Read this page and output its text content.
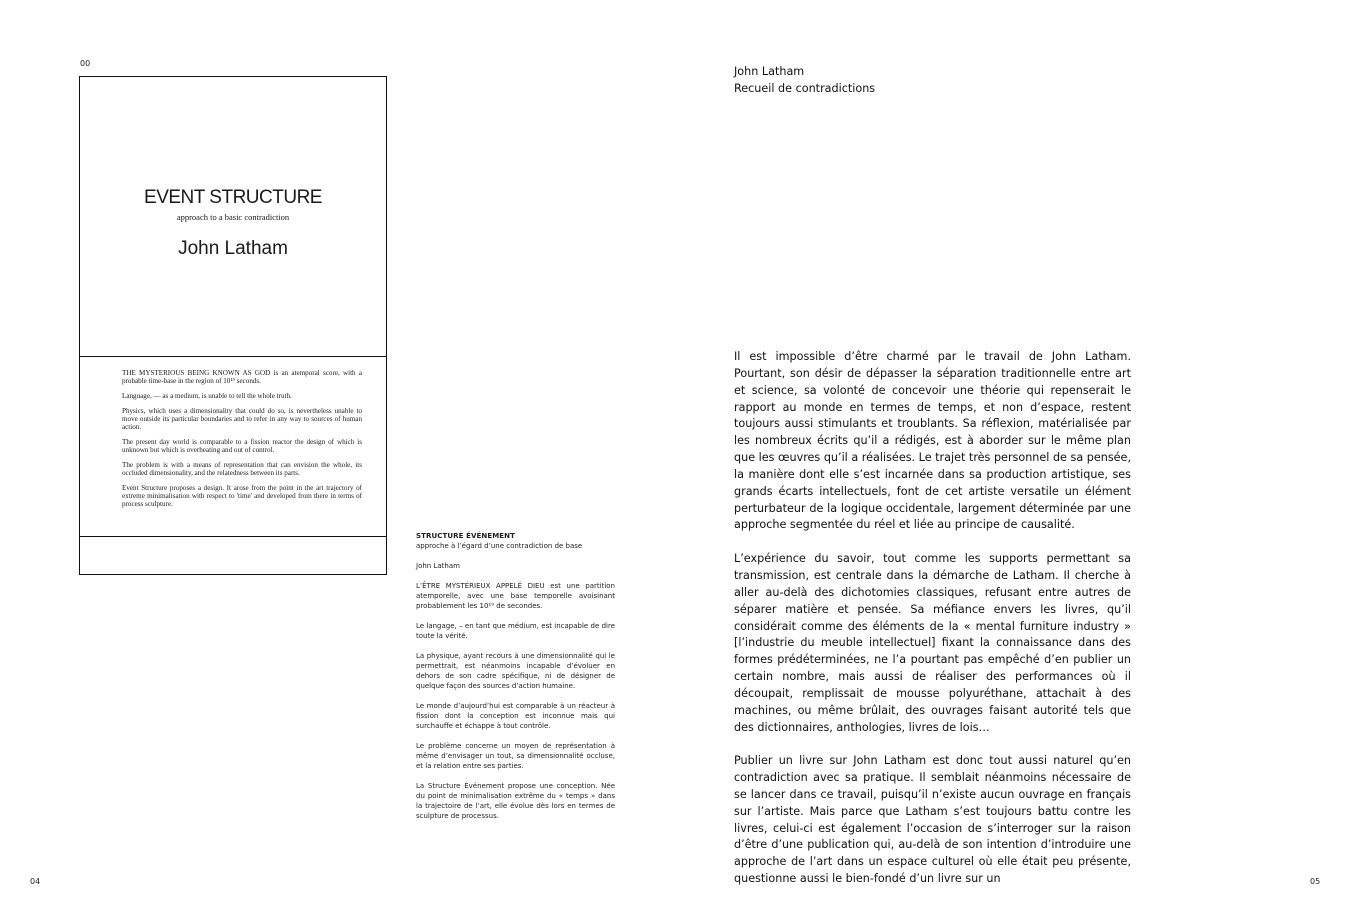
00
04	05
EVENT STRUCTURE
approach to a basic contradiction
John Latham

THE MYSTERIOUS BEING KNOWN AS GOD is an atemporal score, with a probable time-base in the region of 10¹⁹ seconds.

Language, — as a medium, is unable to tell the whole truth.

Physics, which uses a dimensionality that could do so, is nevertheless unable to move outside its particular boundaries and to refer in any way to sources of human action.

The present day world is comparable to a fission reactor the design of which is unknown but which is overheating and out of control.

The problem is with a means of representation that can envision the whole, its occluded dimensionality, and the relatedness between its parts.

Event Structure proposes a design. It arose from the point in the art trajectory of extreme minimalisation with respect to 'time' and developed from there in terms of process sculpture.

STRUCTURE ÉVÉNEMENT
approche à l’égard d’une contradiction de base

John Latham

L’ÊTRE MYSTÉRIEUX APPELÉ DIEU est une partition atemporelle, avec une base temporelle avoisinant probablement les 10¹⁹ de secondes.

Le langage, – en tant que médium, est incapable de dire toute la vérité.

La physique, ayant recours à une dimensionnalité qui le permettrait, est néanmoins incapable d’évoluer en dehors de son cadre spécifique, ni de désigner de quelque façon des sources d’action humaine.

Le monde d’aujourd’hui est comparable à un réacteur à fission dont la conception est inconnue mais qui surchauffe et échappe à tout contrôle.

Le problème concerne un moyen de représentation à même d’envisager un tout, sa dimensionnalité occluse, et la relation entre ses parties.

La Structure Événement propose une conception. Née du point de minimalisation extrême du « temps » dans la trajectoire de l’art, elle évolue dès lors en termes de sculpture de processus.

John Latham
Recueil de contradictions

Il est impossible d’être charmé par le travail de John Latham. Pourtant, son désir de dépasser la séparation traditionnelle entre art et science, sa volonté de concevoir une théorie qui repenserait le rapport au monde en termes de temps, et non d’espace, restent toujours aussi stimulants et troublants. Sa réflexion, matérialisée par les nombreux écrits qu’il a rédigés, est à aborder sur le même plan que les œuvres qu’il a réalisées. Le trajet très personnel de sa pensée, la manière dont elle s’est incarnée dans sa production artistique, ses grands écarts intellectuels, font de cet artiste versatile un élément perturbateur de la logique occidentale, largement déterminée par une approche segmentée du réel et liée au principe de causalité.

L’expérience du savoir, tout comme les supports permettant sa transmission, est centrale dans la démarche de Latham. Il cherche à aller au-delà des dichotomies classiques, refusant entre autres de séparer matière et pensée. Sa méfiance envers les livres, qu’il considérait comme des éléments de la « mental furniture industry » [l’industrie du meuble intellectuel] fixant la connaissance dans des formes prédéterminées, ne l’a pourtant pas empêché d’en publier un certain nombre, mais aussi de réaliser des performances où il découpait, remplissait de mousse polyuréthane, attachait à des machines, ou même brûlait, des ouvrages faisant autorité tels que des dictionnaires, anthologies, livres de lois…

Publier un livre sur John Latham est donc tout aussi naturel qu’en contradiction avec sa pratique. Il semblait néanmoins nécessaire de se lancer dans ce travail, puisqu’il n’existe aucun ouvrage en français sur l’artiste. Mais parce que Latham s’est toujours battu contre les livres, celui-ci est également l’occasion de s’interroger sur la raison d’être d’une publication qui, au-delà de son intention d’introduire une approche de l’art dans un espace culturel où elle était peu présente, questionne aussi le bien-fondé d’un livre sur un
